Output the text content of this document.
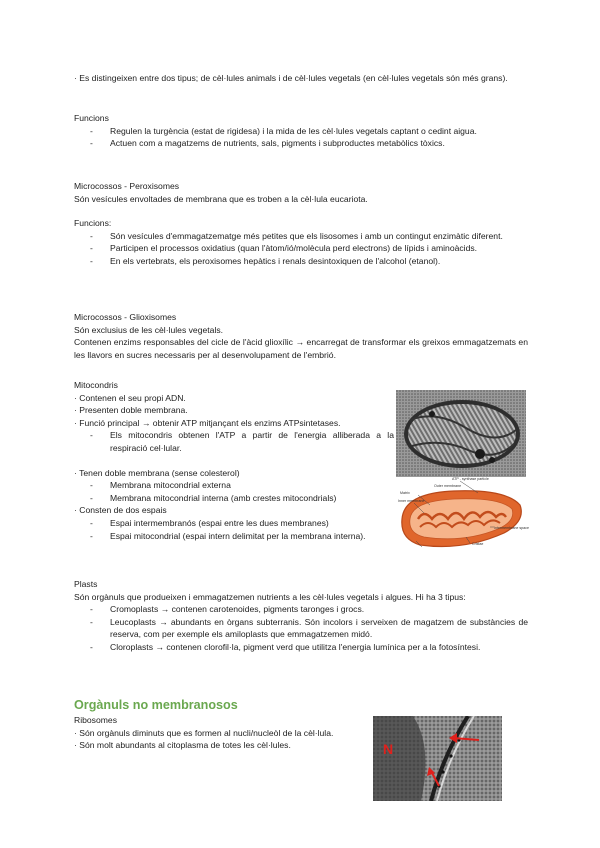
· Es distingeixen entre dos tipus; de cèl·lules animals i de cèl·lules vegetals (en cèl·lules vegetals són més grans).

Funcions

- Regulen la turgència (estat de rigidesa) i la mida de les cèl·lules vegetals captant o cedint aigua.
- Actuen com a magatzems de nutrients, sals, pigments i subproductes metabòlics tòxics.

Microcossos - Peroxisomes

Són vesícules envoltades de membrana que es troben a la cèl·lula eucariota.

Funcions:

- Són vesícules d'emmagatzematge més petites que els lisosomes i amb un contingut enzimàtic diferent.
- Participen el processos oxidatius (quan l'àtom/ió/molècula perd electrons) de lípids i aminoàcids.
- En els vertebrats, els peroxisomes hepàtics i renals desintoxiquen de l'alcohol (etanol).

Microcossos - Glioxisomes

Són exclusius de les cèl·lules vegetals.

Contenen enzims responsables del cicle de l'àcid glioxílic → encarregat de transformar els greixos emmagatzemats en les llavors en sucres necessaris per al desenvolupament de l'embrió.

Mitocondris

· Contenen el seu propi ADN.

· Presenten doble membrana.

· Funció principal → obtenir ATP mitjançant els enzims ATPsintetases.

- Els mitocondris obtenen l'ATP a partir de l'energia alliberada a la respiració cel·lular.

· Tenen doble membrana (sense colesterol)

- Membrana mitocondrial externa
- Membrana mitocondrial interna (amb crestes mitocondrials)

· Consten de dos espais

- Espai intermembranós (espai entre les dues membranes)
- Espai mitocondrial (espai intern delimitat per la membrana interna).
ATP - synthase particle
Matrix
Outer membrane
Inner membrane
Intermembrane space
Cristae

Plasts

Són orgànuls que produeixen i emmagatzemen nutrients a les cèl·lules vegetals i algues. Hi ha 3 tipus:

- Cromoplasts → contenen carotenoides, pigments taronges i grocs.
- Leucoplasts → abundants en òrgans subterranis. Són incolors i serveixen de magatzem de substàncies de reserva, com per exemple els amiloplasts que emmagatzemen midó.
- Cloroplasts → contenen clorofil·la, pigment verd que utilitza l'energia lumínica per a la fotosíntesi.

Orgànuls no membranosos

Ribosomes

· Són orgànuls diminuts que es formen al nucli/nucleòl de la cèl·lula.

· Són molt abundants al citoplasma de totes les cèl·lules.	N
